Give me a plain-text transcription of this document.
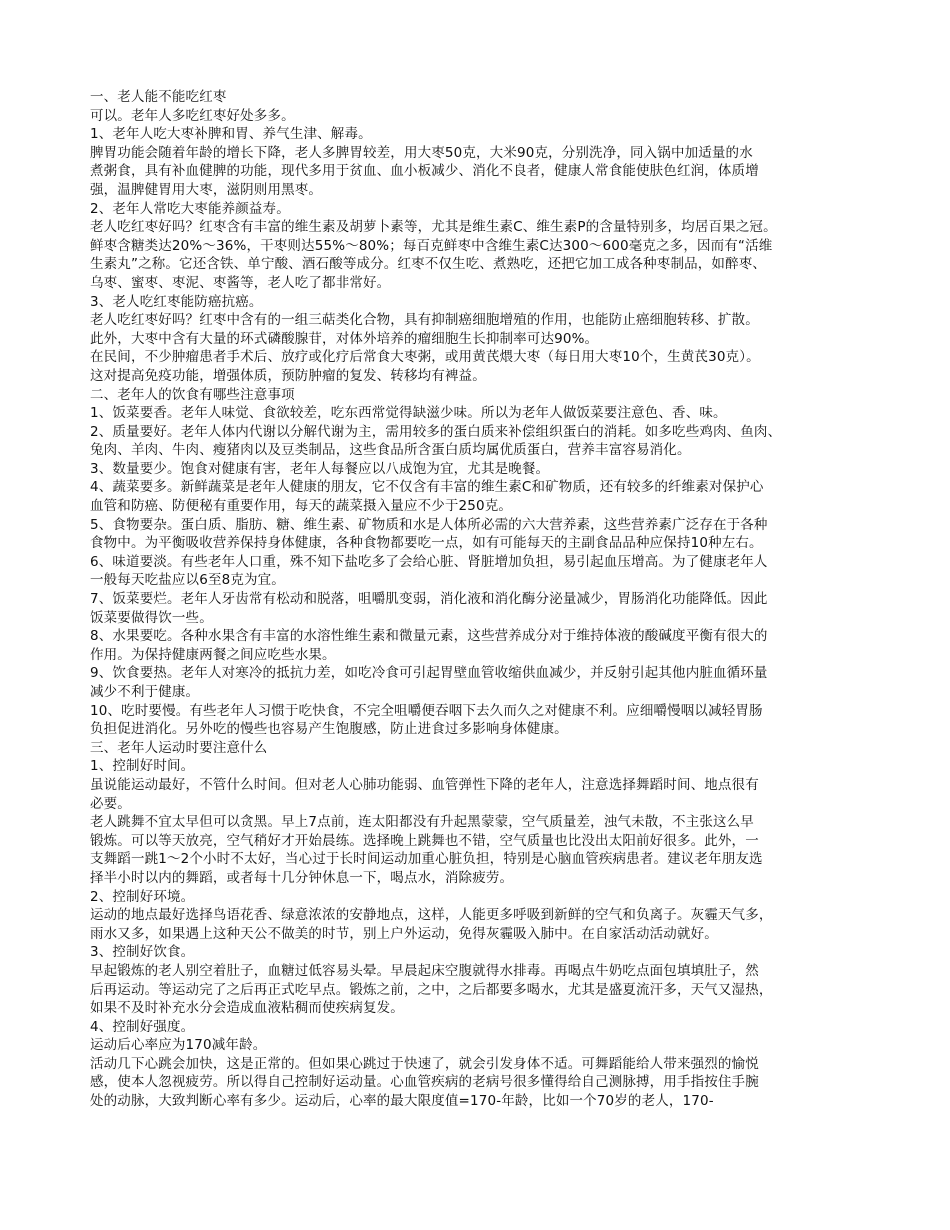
一、老人能不能吃红枣
可以。老年人多吃红枣好处多多。
1、老年人吃大枣补脾和胃、养气生津、解毒。
脾胃功能会随着年龄的增长下降，老人多脾胃较差，用大枣50克，大米90克，分别洗净，同入锅中加适量的水
煮粥食，具有补血健脾的功能，现代多用于贫血、血小板减少、消化不良者，健康人常食能使肤色红润，体质增
强，温脾健胃用大枣，滋阴则用黑枣。
2、老年人常吃大枣能养颜益寿。
老人吃红枣好吗？红枣含有丰富的维生素及胡萝卜素等，尤其是维生素C、维生素P的含量特别多，均居百果之冠。
鲜枣含糖类达20%～36%，干枣则达55%～80%；每百克鲜枣中含维生素C达300～600毫克之多，因而有“活维
生素丸”之称。它还含铁、单宁酸、酒石酸等成分。红枣不仅生吃、煮熟吃，还把它加工成各种枣制品，如醉枣、
乌枣、蜜枣、枣泥、枣酱等，老人吃了都非常好。
3、老人吃红枣能防癌抗癌。
老人吃红枣好吗？红枣中含有的一组三萜类化合物，具有抑制癌细胞增殖的作用，也能防止癌细胞转移、扩散。
此外，大枣中含有大量的环式磷酸腺苷，对体外培养的瘤细胞生长抑制率可达90%。
在民间，不少肿瘤患者手术后、放疗或化疗后常食大枣粥，或用黄芪煨大枣（每日用大枣10个，生黄芪30克）。
这对提高免疫功能，增强体质，预防肿瘤的复发、转移均有裨益。
二、老年人的饮食有哪些注意事项
1、饭菜要香。老年人味觉、食欲较差，吃东西常觉得缺滋少味。所以为老年人做饭菜要注意色、香、味。
2、质量要好。老年人体内代谢以分解代谢为主，需用较多的蛋白质来补偿组织蛋白的消耗。如多吃些鸡肉、鱼肉、
兔肉、羊肉、牛肉、瘦猪肉以及豆类制品，这些食品所含蛋白质均属优质蛋白，营养丰富容易消化。
3、数量要少。饱食对健康有害，老年人每餐应以八成饱为宜，尤其是晚餐。
4、蔬菜要多。新鲜蔬菜是老年人健康的朋友，它不仅含有丰富的维生素C和矿物质，还有较多的纤维素对保护心
血管和防癌、防便秘有重要作用，每天的蔬菜摄入量应不少于250克。
5、食物要杂。蛋白质、脂肪、糖、维生素、矿物质和水是人体所必需的六大营养素，这些营养素广泛存在于各种
食物中。为平衡吸收营养保持身体健康，各种食物都要吃一点，如有可能每天的主副食品品种应保持10种左右。
6、味道要淡。有些老年人口重，殊不知下盐吃多了会给心脏、肾脏增加负担，易引起血压增高。为了健康老年人
一般每天吃盐应以6至8克为宜。
7、饭菜要烂。老年人牙齿常有松动和脱落，咀嚼肌变弱，消化液和消化酶分泌量减少，胃肠消化功能降低。因此
饭菜要做得饮一些。
8、水果要吃。各种水果含有丰富的水溶性维生素和微量元素，这些营养成分对于维持体液的酸碱度平衡有很大的
作用。为保持健康两餐之间应吃些水果。
9、饮食要热。老年人对寒冷的抵抗力差，如吃冷食可引起胃壁血管收缩供血减少，并反射引起其他内脏血循环量
减少不利于健康。
10、吃时要慢。有些老年人习惯于吃快食，不完全咀嚼便吞咽下去久而久之对健康不利。应细嚼慢咽以减轻胃肠
负担促进消化。另外吃的慢些也容易产生饱腹感，防止进食过多影响身体健康。
三、老年人运动时要注意什么
1、控制好时间。
虽说能运动最好，不管什么时间。但对老人心肺功能弱、血管弹性下降的老年人，注意选择舞蹈时间、地点很有
必要。
老人跳舞不宜太早但可以贪黑。早上7点前，连太阳都没有升起黑蒙蒙，空气质量差，浊气未散，不主张这么早
锻炼。可以等天放亮，空气稍好才开始晨练。选择晚上跳舞也不错，空气质量也比没出太阳前好很多。此外，一
支舞蹈一跳1～2个小时不太好，当心过于长时间运动加重心脏负担，特别是心脑血管疾病患者。建议老年朋友选
择半小时以内的舞蹈，或者每十几分钟休息一下，喝点水，消除疲劳。
2、控制好环境。
运动的地点最好选择鸟语花香、绿意浓浓的安静地点，这样，人能更多呼吸到新鲜的空气和负离子。灰霾天气多，
雨水又多，如果遇上这种天公不做美的时节，别上户外运动，免得灰霾吸入肺中。在自家活动活动就好。
3、控制好饮食。
早起锻炼的老人别空着肚子，血糖过低容易头晕。早晨起床空腹就得水排毒。再喝点牛奶吃点面包填填肚子，然
后再运动。等运动完了之后再正式吃早点。锻炼之前，之中，之后都要多喝水，尤其是盛夏流汗多，天气又湿热，
如果不及时补充水分会造成血液粘稠而使疾病复发。
4、控制好强度。
运动后心率应为170减年龄。
活动几下心跳会加快，这是正常的。但如果心跳过于快速了，就会引发身体不适。可舞蹈能给人带来强烈的愉悦
感，使本人忽视疲劳。所以得自己控制好运动量。心血管疾病的老病号很多懂得给自己测脉搏，用手指按住手腕
处的动脉，大致判断心率有多少。运动后，心率的最大限度值=170-年龄，比如一个70岁的老人，170-
